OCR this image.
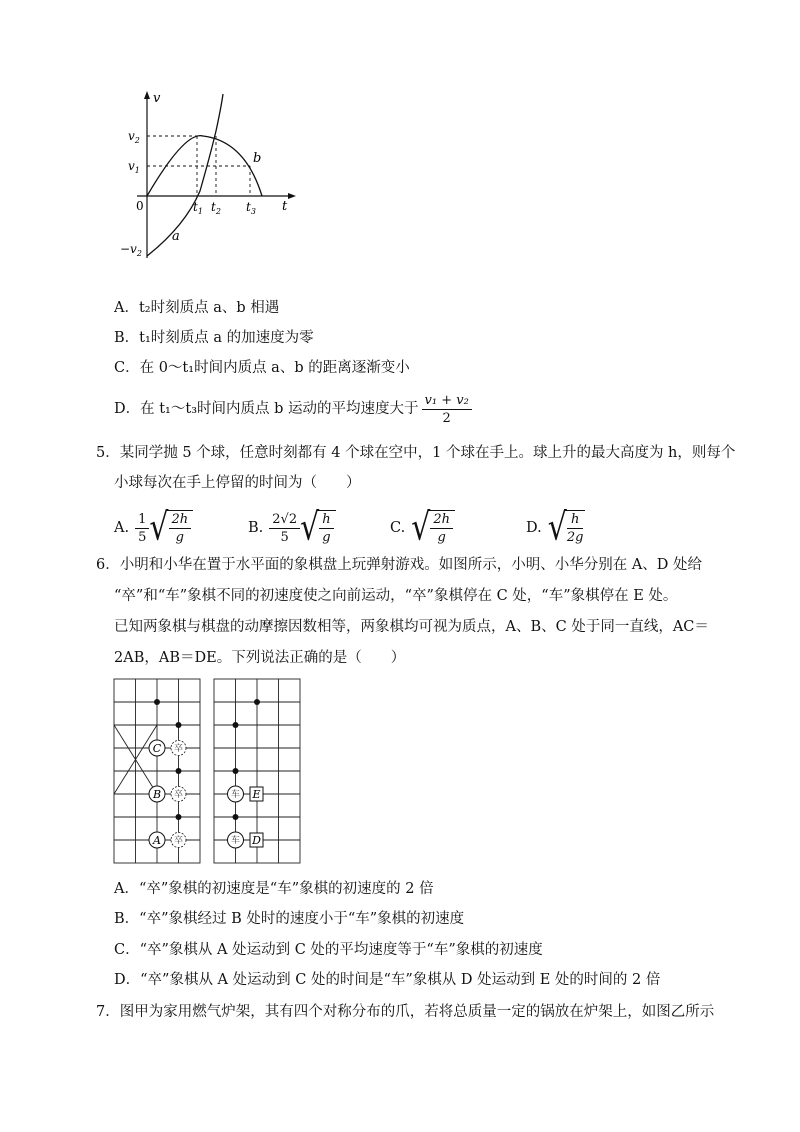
v
t
0
$v_2$
$v_1$
$-v_2$
$t_1$ $t_2$ $t_3$
a
b
A．t₂时刻质点 a、b 相遇
B．t₁时刻质点 a 的加速度为零
C．在 0～t₁时间内质点 a、b 的距离逐渐变小
D．在 t₁～t₃时间内质点 b 运动的平均速度大于 $\frac{\text{v₁ + v₂}}{2}$
5．某同学抛 5 个球，任意时刻都有 4 个球在空中，1 个球在手上。球上升的最大高度为 h，则每个
小球每次在手上停留的时间为（　　）
A. $\frac{1}{5}$ √ $\frac{2h}{g}$	B. $\frac{2√2}{5}$ √ $\frac{h}{g}$	C. √ $\frac{2h}{g}$	D. √ $\frac{h}{2g}$
6．小明和小华在置于水平面的象棋盘上玩弹射游戏。如图所示，小明、小华分别在 A、D 处给
“卒”和“车”象棋不同的初速度使之向前运动，“卒”象棋停在 C 处，“车”象棋停在 E 处。
已知两象棋与棋盘的动摩擦因数相等，两象棋均可视为质点，A、B、C 处于同一直线，AC＝
2AB，AB＝DE。下列说法正确的是（　　）
C
B
A
E
D
卒
卒
卒
车
车
A．“卒”象棋的初速度是“车”象棋的初速度的 2 倍
B．“卒”象棋经过 B 处时的速度小于“车”象棋的初速度
C．“卒”象棋从 A 处运动到 C 处的平均速度等于“车”象棋的初速度
D．“卒”象棋从 A 处运动到 C 处的时间是“车”象棋从 D 处运动到 E 处的时间的 2 倍
7．图甲为家用燃气炉架，其有四个对称分布的爪，若将总质量一定的锅放在炉架上，如图乙所示
